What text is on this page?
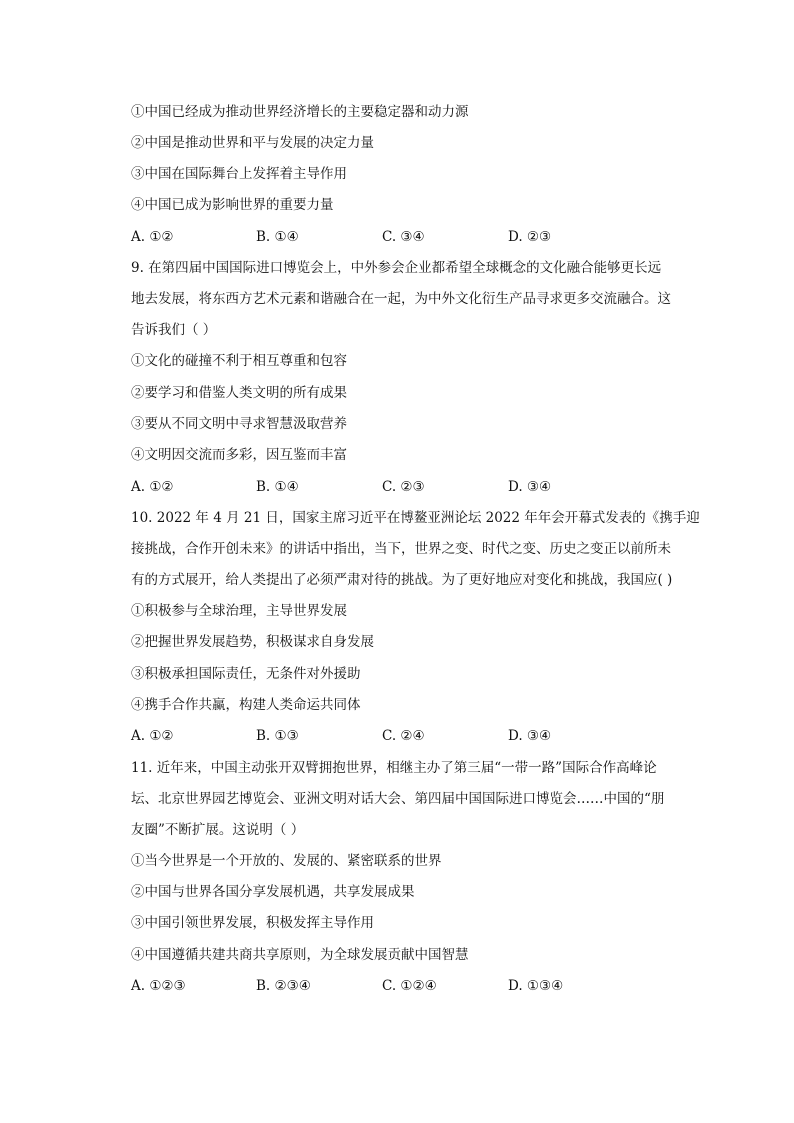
①中国已经成为推动世界经济增长的主要稳定器和动力源
②中国是推动世界和平与发展的决定力量
③中国在国际舞台上发挥着主导作用
④中国已成为影响世界的重要力量
A. ①②	B. ①④	C. ③④	D. ②③
9. 在第四届中国国际进口博览会上，中外参会企业都希望全球概念的文化融合能够更长远
地去发展，将东西方艺术元素和谐融合在一起，为中外文化衍生产品寻求更多交流融合。这
告诉我们（ ）
①文化的碰撞不利于相互尊重和包容
②要学习和借鉴人类文明的所有成果
③要从不同文明中寻求智慧汲取营养
④文明因交流而多彩，因互鉴而丰富
A. ①②	B. ①④	C. ②③	D. ③④
10. 2022 年 4 月 21 日，国家主席习近平在博鳌亚洲论坛 2022 年年会开幕式发表的《携手迎
接挑战，合作开创未来》的讲话中指出，当下，世界之变、时代之变、历史之变正以前所未
有的方式展开，给人类提出了必须严肃对待的挑战。为了更好地应对变化和挑战，我国应( )
①积极参与全球治理，主导世界发展
②把握世界发展趋势，积极谋求自身发展
③积极承担国际责任，无条件对外援助
④携手合作共赢，构建人类命运共同体
A. ①②	B. ①③	C. ②④	D. ③④
11. 近年来，中国主动张开双臂拥抱世界，相继主办了第三届“一带一路”国际合作高峰论
坛、北京世界园艺博览会、亚洲文明对话大会、第四届中国国际进口博览会……中国的“朋
友圈”不断扩展。这说明（ ）
①当今世界是一个开放的、发展的、紧密联系的世界
②中国与世界各国分享发展机遇，共享发展成果
③中国引领世界发展，积极发挥主导作用
④中国遵循共建共商共享原则，为全球发展贡献中国智慧
A. ①②③	B. ②③④	C. ①②④	D. ①③④
